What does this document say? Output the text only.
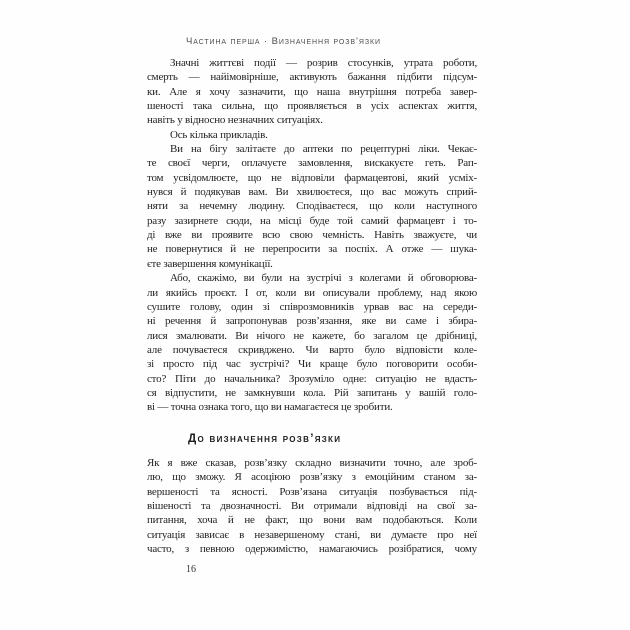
Частина перша · Визначення розв’язки
Значні життєві події — розрив стосунків, утрата роботи,
смерть — найімовірніше, активують бажання підбити підсум-
ки. Але я хочу зазначити, що наша внутрішня потреба завер-
шеності така сильна, що проявляється в усіх аспектах життя,
навіть у відносно незначних ситуаціях.
Ось кілька прикладів.
Ви на бігу залітаєте до аптеки по рецептурні ліки. Чекає-
те своєї черги, оплачуєте замовлення, вискакуєте геть. Рап-
том усвідомлюєте, що не відповіли фармацевтові, який усміх-
нувся й подякував вам. Ви хвилюєтеся, що вас можуть сприй-
няти за нечемну людину. Сподіваєтеся, що коли наступного
разу зазирнете сюди, на місці буде той самий фармацевт і то-
ді вже ви проявите всю свою чемність. Навіть зважуєте, чи
не повернутися й не перепросити за поспіх. А отже — шука-
єте завершення комунікації.
Або, скажімо, ви були на зустрічі з колегами й обговорюва-
ли якийсь проєкт. І от, коли ви описували проблему, над якою
сушите голову, один зі співрозмовників урвав вас на середи-
ні речення й запропонував розв’язання, яке ви саме і збира-
лися змалювати. Ви нічого не кажете, бо загалом це дрібниці,
але почуваєтеся скривджено. Чи варто було відповісти коле-
зі просто під час зустрічі? Чи краще було поговорити особи-
сто? Піти до начальника? Зрозуміло одне: ситуацію не вдасть-
ся відпустити, не замкнувши кола. Рій запитань у вашій голо-
ві — точна ознака того, що ви намагаєтеся це зробити.
До визначення розв’язки
Як я вже сказав, розв’язку складно визначити точно, але зроб-
лю, що зможу. Я асоціюю розв’язку з емоційним станом за-
вершеності та ясності. Розв’язана ситуація позбувається під-
вішеності та двозначності. Ви отримали відповіді на свої за-
питання, хоча й не факт, що вони вам подобаються. Коли
ситуація зависає в незавершеному стані, ви думаєте про неї
часто, з певною одержимістю, намагаючись розібратися, чому
16
